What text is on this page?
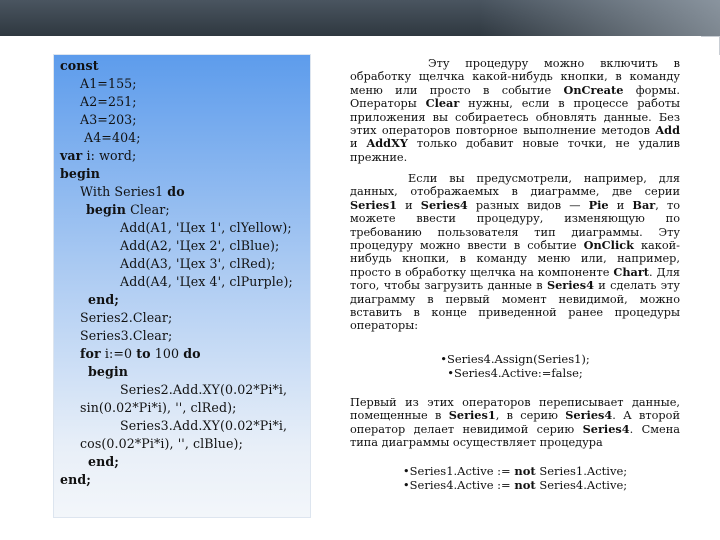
const
A1=155;
A2=251;
A3=203;
A4=404;
var i: word;
begin
With Series1 do
begin Clear;
Add(A1, 'Цех 1', clYellow);
Add(A2, 'Цех 2', clBlue);
Add(A3, 'Цех 3', clRed);
Add(A4, 'Цех 4', clPurple);
end;
Series2.Clear;
Series3.Clear;
for i:=0 to 100 do
begin
Series2.Add.XY(0.02*Pi*i,
sin(0.02*Pi*i), '', clRed);
Series3.Add.XY(0.02*Pi*i,
cos(0.02*Pi*i), '', clBlue);
end;
end;
Эту процедуру можно включить в обработку щелчка какой-нибудь кнопки, в команду меню или просто в событие OnCreate формы. Операторы Clear нужны, если в процессе работы приложения вы собираетесь обновлять данные. Без этих операторов повторное выполнение методов Add и AddXY только добавит новые точки, не удалив прежние.
Если вы предусмотрели, например, для данных, отображаемых в диаграмме, две серии Series1 и Series4 разных видов — Pie и Bar, то можете ввести процедуру, изменяющую по требованию пользователя тип диаграммы. Эту процедуру можно ввести в событие OnClick какой-нибудь кнопки, в команду меню или, например, просто в обработку щелчка на компоненте Chart. Для того, чтобы загрузить данные в Series4 и сделать эту диаграмму в первый момент невидимой, можно вставить в конце приведенной ранее процедуры операторы:
•Series4.Assign(Series1);
•Series4.Active:=false;
Первый из этих операторов переписывает данные, помещенные в Series1, в серию Series4. А второй оператор делает невидимой серию Series4. Смена типа диаграммы осуществляет процедура
•Series1.Active := not Series1.Active;
•Series4.Active := not Series4.Active;
